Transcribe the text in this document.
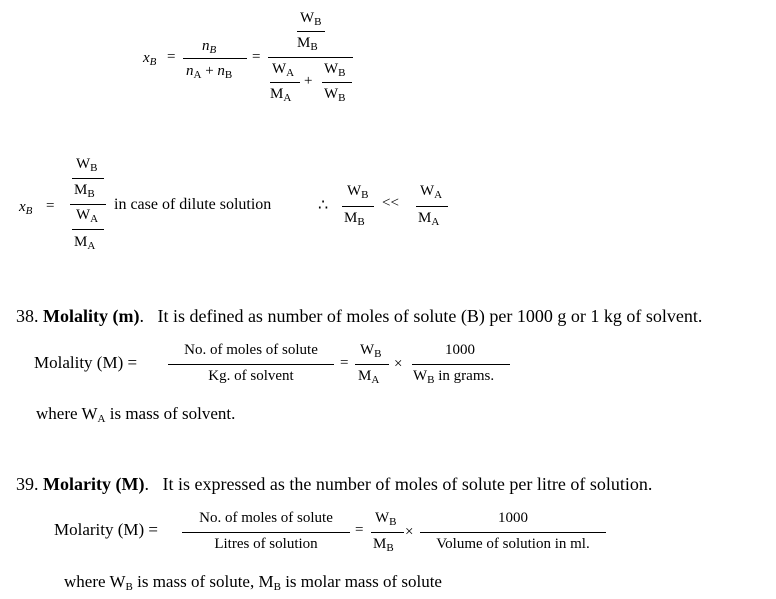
$x_B$ =
$n_B$
$n_A + n_B$
=
$W_B$
$M_B$
$W_A$
$M_A$
+
$W_B$
$W_B$
$x_B$ =
$W_B$
$M_B$
$W_A$
$M_A$
in case of dilute solution	∴
$W_B$
$M_B$
<<
$W_A$
$M_A$
38. Molality (m). It is defined as number of moles of solute (B) per 1000 g or 1 kg of solvent.
Molality (M) =
No. of moles of solute
Kg. of solvent
=
$W_B$
$M_A$
×
1000
$W_B$ in grams.
where $W_A$ is mass of solvent.
39. Molarity (M). It is expressed as the number of moles of solute per litre of solution.
Molarity (M) =
No. of moles of solute
Litres of solution
=
$W_B$
$M_B$
×
1000
Volume of solution in ml.
where $W_B$ is mass of solute, $M_B$ is molar mass of solute
